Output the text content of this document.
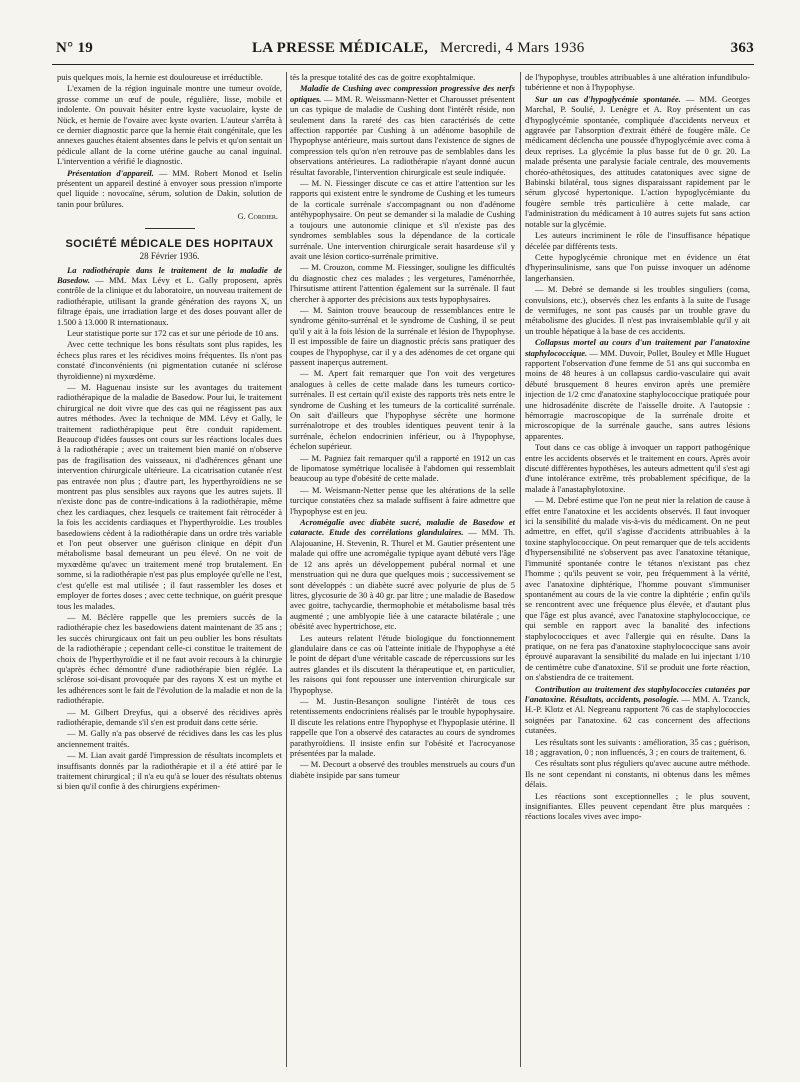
N° 19	LA PRESSE MÉDICALE, Mercredi, 4 Mars 1936	363

puis quelques mois, la hernie est douloureuse et irréductible.

L'examen de la région inguinale montre une tumeur ovoïde, grosse comme un œuf de poule, régulière, lisse, mobile et indolente. On pouvait hésiter entre kyste vacuolaire, kyste de Nück, et hernie de l'ovaire avec kyste ovarien. L'auteur s'arrêta à ce dernier diagnostic parce que la hernie était congénitale, que les annexes gauches étaient absentes dans le pelvis et qu'on sentait un pédicule allant de la corne utérine gauche au canal inguinal. L'intervention a vérifié le diagnostic.

Présentation d'appareil. — MM. Robert Monod et Iselin présentent un appareil destiné à envoyer sous pression n'importe quel liquide : novocaïne, sérum, solution de Dakin, solution de tanin pour brûlures.

G. Cordier.

SOCIÉTÉ MÉDICALE DES HOPITAUX

28 Février 1936.

La radiothérapie dans le traitement de la maladie de Basedow. — MM. Max Lévy et L. Gally proposent, après contrôle de la clinique et du laboratoire, un nouveau traitement de radiothérapie, utilisant la grande génération des rayons X, un filtrage épais, une irradiation large et des doses pouvant aller de 1.500 à 13.000 R internationaux.

Leur statistique porte sur 172 cas et sur une période de 10 ans.

Avec cette technique les bons résultats sont plus rapides, les échecs plus rares et les récidives moins fréquentes. Ils n'ont pas constaté d'inconvénients (ni pigmentation cutanée ni sclérose thyroïdienne) ni myxœdème.

— M. Haguenau insiste sur les avantages du traitement radiothérapique de la maladie de Basedow. Pour lui, le traitement chirurgical ne doit vivre que des cas qui ne réagissent pas aux autres méthodes. Avec la technique de MM. Lévy et Gally, le traitement radiothérapique peut être conduit rapidement. Beaucoup d'idées fausses ont cours sur les réactions locales dues à la radiothérapie ; avec un traitement bien manié on n'observe pas de fragilisation des vaisseaux, ni d'adhérences gênant une intervention chirurgicale ultérieure. La cicatrisation cutanée n'est pas entravée non plus ; d'autre part, les hyperthyroïdiens ne se montrent pas plus sensibles aux rayons que les autres sujets. Il n'existe donc pas de contre-indications à la radiothérapie, même chez les cardiaques, chez lesquels ce traitement fait rétrocéder à la fois les accidents cardiaques et l'hyperthyroïdie. Les troubles basedowiens cèdent à la radiothérapie dans un ordre très variable et l'on peut observer une guérison clinique en dépit d'un métabolisme basal demeurant un peu élevé. On ne voit de myxœdème qu'avec un traitement mené trop brutalement. En somme, si la radiothérapie n'est pas plus employée qu'elle ne l'est, c'est qu'elle est mal utilisée ; il faut rassembler les doses et employer de fortes doses ; avec cette technique, on guérit presque tous les malades.

— M. Béclère rappelle que les premiers succès de la radiothérapie chez les basedowiens datent maintenant de 35 ans ; les succès chirurgicaux ont fait un peu oublier les bons résultats de la radiothérapie ; cependant celle-ci constitue le traitement de choix de l'hyperthyroïdie et il ne faut avoir recours à la chirurgie qu'après échec démontré d'une radiothérapie bien réglée. La sclérose soi-disant provoquée par des rayons X est un mythe et les adhérences sont le fait de l'évolution de la maladie et non de la radiothérapie.

— M. Gilbert Dreyfus, qui a observé des récidives après radiothérapie, demande s'il s'en est produit dans cette série.

— M. Gally n'a pas observé de récidives dans les cas les plus anciennement traités.

— M. Lian avait gardé l'impression de résultats incomplets et insuffisants donnés par la radiothérapie et il a été attiré par le traitement chirurgical ; il n'a eu qu'à se louer des résultats obtenus si bien qu'il confie à des chirurgiens expérimen-

tés la presque totalité des cas de goitre exophtalmique.

Maladie de Cushing avec compression progressive des nerfs optiques. — MM. R. Weissmann-Netter et Charousset présentent un cas typique de maladie de Cushing dont l'intérêt réside, non seulement dans la rareté des cas bien caractérisés de cette affection rapportée par Cushing à un adénome basophile de l'hypophyse antérieure, mais surtout dans l'existence de signes de compression tels qu'on n'en retrouve pas de semblables dans les observations antérieures. La radiothérapie n'ayant donné aucun résultat favorable, l'intervention chirurgicale est seule indiquée.

— M. N. Fiessinger discute ce cas et attire l'attention sur les rapports qui existent entre le syndrome de Cushing et les tumeurs de la corticale surrénale s'accompagnant ou non d'adénome antéhypophysaire. On peut se demander si la maladie de Cushing a toujours une autonomie clinique et s'il n'existe pas des syndromes semblables sous la dépendance de la corticale surrénale. Une intervention chirurgicale serait hasardeuse s'il y avait une lésion cortico-surrénale primitive.

— M. Crouzon, comme M. Fiessinger, souligne les difficultés du diagnostic chez ces malades ; les vergetures, l'aménorrhée, l'hirsutisme attirent l'attention également sur la surrénale. Il faut chercher à apporter des précisions aux tests hypophysaires.

— M. Sainton trouve beaucoup de ressemblances entre le syndrome génito-surrénal et le syndrome de Cushing, il se peut qu'il y ait à la fois lésion de la surrénale et lésion de l'hypophyse. Il est impossible de faire un diagnostic précis sans pratiquer des coupes de l'hypophyse, car il y a des adénomes de cet organe qui passent inaperçus autrement.

— M. Apert fait remarquer que l'on voit des vergetures analogues à celles de cette malade dans les tumeurs cortico-surrénales. Il est certain qu'il existe des rapports très nets entre le syndrome de Cushing et les tumeurs de la corticalité surrénale. On sait d'ailleurs que l'hypophyse sécrète une hormone surrénalotrope et des troubles identiques peuvent tenir à la surrénale, échelon endocrinien inférieur, ou à l'hypophyse, échelon supérieur.

— M. Pagniez fait remarquer qu'il a rapporté en 1912 un cas de lipomatose symétrique localisée à l'abdomen qui ressemblait beaucoup au type d'obésité de cette malade.

— M. Weismann-Netter pense que les altérations de la selle turcique constatées chez sa malade suffisent à faire admettre que l'hypophyse est en jeu.

Acromégalie avec diabète sucré, maladie de Basedow et cataracte. Etude des corrélations glandulaires. — MM. Th. Alajouanine, H. Stevenin, R. Thurel et M. Gautier présentent une malade qui offre une acromégalie typique ayant débuté vers l'âge de 12 ans après un développement pubéral normal et une menstruation qui ne dura que quelques mois ; successivement se sont développés : un diabète sucré avec polyurie de plus de 5 litres, glycosurie de 30 à 40 gr. par litre ; une maladie de Basedow avec goitre, tachycardie, thermophobie et métabolisme basal très augmenté ; une amblyopie liée à une cataracte bilatérale ; une obésité avec hypertrichose, etc.

Les auteurs relatent l'étude biologique du fonctionnement glandulaire dans ce cas où l'atteinte initiale de l'hypophyse a été le point de départ d'une véritable cascade de répercussions sur les autres glandes et ils discutent la thérapeutique et, en particulier, les raisons qui font repousser une intervention chirurgicale sur l'hypophyse.

— M. Justin-Besançon souligne l'intérêt de tous ces retentissements endocriniens réalisés par le trouble hypophysaire. Il discute les relations entre l'hypophyse et l'hypoplasie utérine. Il rappelle que l'on a observé des cataractes au cours de syndromes parathyroïdiens. Il insiste enfin sur l'obésité et l'acrocyanose présentées par la malade.

— M. Decourt a observé des troubles menstruels au cours d'un diabète insipide par sans tumeur

de l'hypophyse, troubles attribuables à une altération infundibulo-tubérienne et non à l'hypophyse.

Sur un cas d'hypoglycémie spontanée. — MM. Georges Marchal, P. Soulié, J. Lenègre et A. Roy présentent un cas d'hypoglycémie spontanée, compliquée d'accidents nerveux et aggravée par l'absorption d'extrait éthéré de fougère mâle. Ce médicament déclencha une poussée d'hypoglycémie avec coma à deux reprises. La glycémie la plus basse fut de 0 gr. 20. La malade présenta une paralysie faciale centrale, des mouvements choréo-athétosiques, des attitudes catatoniques avec signe de Babinski bilatéral, tous signes disparaissant rapidement par le sérum glycosé hypertonique. L'action hypoglycémiante du fougère semble très particulière à cette malade, car l'administration du médicament à 10 autres sujets fut sans action notable sur la glycémie.

Les auteurs incriminent le rôle de l'insuffisance hépatique décelée par différents tests.

Cette hypoglycémie chronique met en évidence un état d'hyperinsulinisme, sans que l'on puisse invoquer un adénome langerhansien.

— M. Debré se demande si les troubles singuliers (coma, convulsions, etc.), observés chez les enfants à la suite de l'usage de vermifuges, ne sont pas causés par un trouble grave du métabolisme des glucides. Il n'est pas invraisemblable qu'il y ait un trouble hépatique à la base de ces accidents.

Collapsus mortel au cours d'un traitement par l'anatoxine staphylococcique. — MM. Duvoir, Pollet, Bouley et Mlle Huguet rapportent l'observation d'une femme de 51 ans qui succomba en moins de 48 heures à un collapsus cardio-vasculaire qui avait débuté brusquement 8 heures environ après une première injection de 1/2 cmc d'anatoxine staphylococcique pratiquée pour une hidrosadénite discrète de l'aisselle droite. A l'autopsie : hémorragie macroscopique de la surrénale droite et microscopique de la surrénale gauche, sans autres lésions apparentes.

Tout dans ce cas oblige à invoquer un rapport pathogénique entre les accidents observés et le traitement en cours. Après avoir discuté différentes hypothèses, les auteurs admettent qu'il s'est agi d'une intolérance extrême, très probablement spécifique, de la malade à l'anastaphylotoxine.

— M. Debré estime que l'on ne peut nier la relation de cause à effet entre l'anatoxine et les accidents observés. Il faut invoquer ici la sensibilité du malade vis-à-vis du médicament. On ne peut admettre, en effet, qu'il s'agisse d'accidents attribuables à la toxine staphylococcique. On peut remarquer que de tels accidents d'hypersensibilité ne s'observent pas avec l'anatoxine tétanique, l'immunité spontanée contre le tétanos n'existant pas chez l'homme ; qu'ils peuvent se voir, peu fréquemment à la vérité, avec l'anatoxine diphtérique, l'homme pouvant s'immuniser spontanément au cours de la vie contre la diphtérie ; enfin qu'ils se rencontrent avec une fréquence plus élevée, et d'autant plus que l'âge est plus avancé, avec l'anatoxine staphylococcique, ce qui semble en rapport avec la banalité des infections staphylococciques et avec l'allergie qui en résulte. Dans la pratique, on ne fera pas d'anatoxine staphylococcique sans avoir éprouvé auparavant la sensibilité du malade en lui injectant 1/10 de centimètre cube d'anatoxine. S'il se produit une forte réaction, on s'abstiendra de ce traitement.

Contribution au traitement des staphylococcies cutanées par l'anatoxine. Résultats, accidents, posologie. — MM. A. Tzanck, H.-P. Klotz et Al. Negreanu rapportent 76 cas de staphylococcies soignées par l'anatoxine. 62 cas concernent des affections cutanées.

Les résultats sont les suivants : amélioration, 35 cas ; guérison, 18 ; aggravation, 0 ; non influencés, 3 ; en cours de traitement, 6.

Ces résultats sont plus réguliers qu'avec aucune autre méthode. Ils ne sont cependant ni constants, ni obtenus dans les mêmes délais.

Les réactions sont exceptionnelles ; le plus souvent, insignifiantes. Elles peuvent cependant être plus marquées : réactions locales vives avec impo-
